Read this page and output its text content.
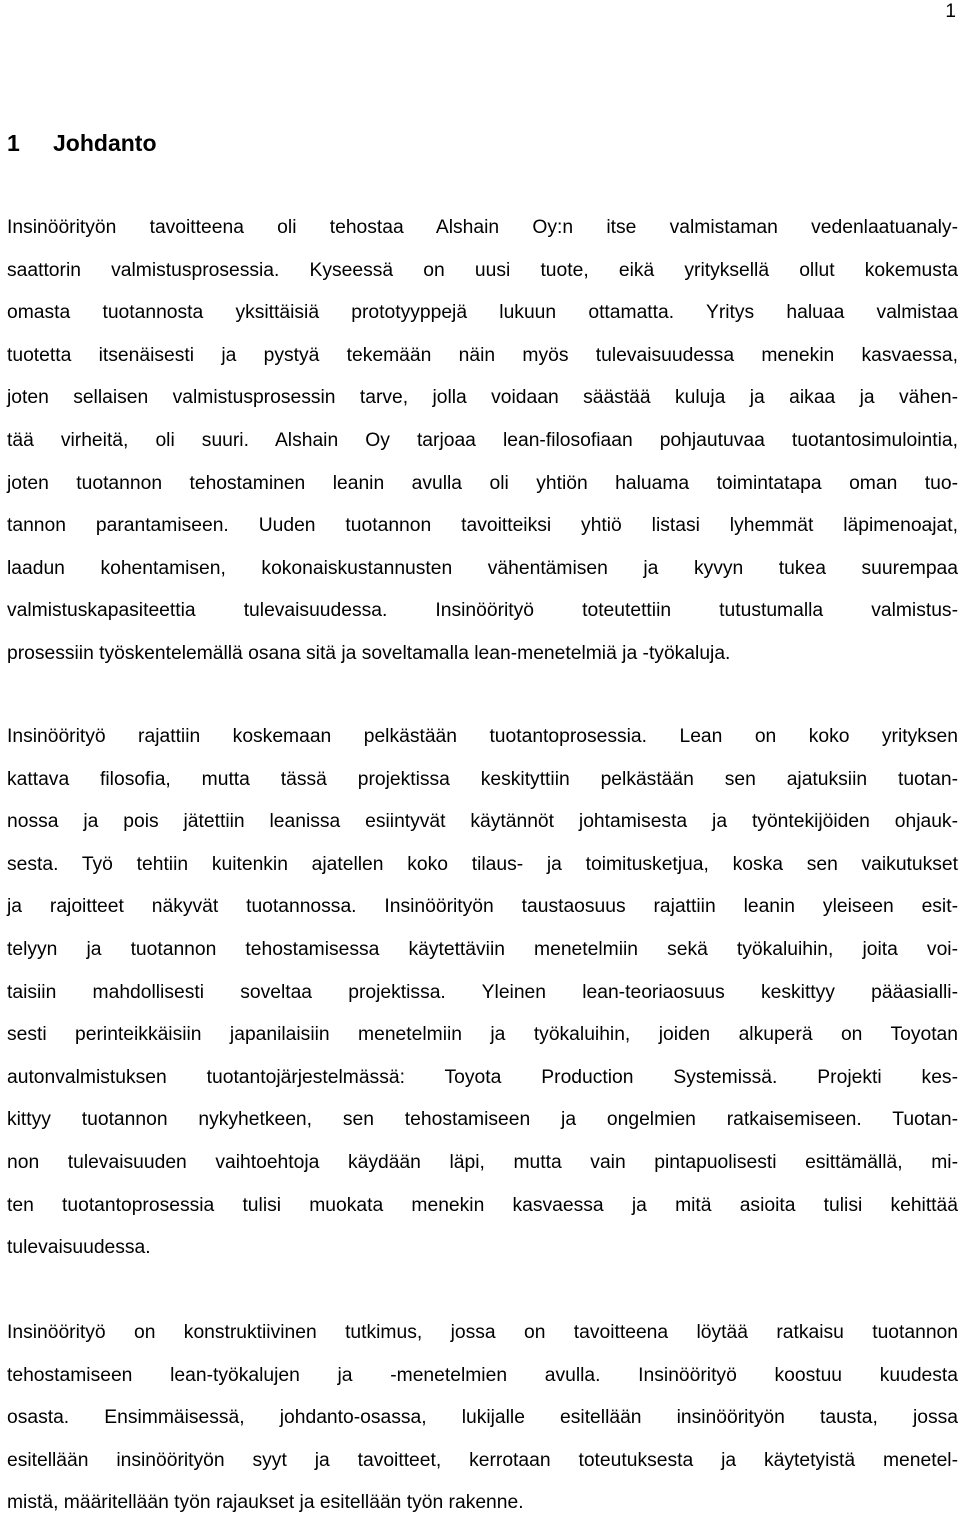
1
1 Johdanto
Insinöörityön tavoitteena oli tehostaa Alshain Oy:n itse valmistaman vedenlaatuanaly-
saattorin valmistusprosessia. Kyseessä on uusi tuote, eikä yrityksellä ollut kokemusta
omasta tuotannosta yksittäisiä prototyyppejä lukuun ottamatta. Yritys haluaa valmistaa
tuotetta itsenäisesti ja pystyä tekemään näin myös tulevaisuudessa menekin kasvaessa,
joten sellaisen valmistusprosessin tarve, jolla voidaan säästää kuluja ja aikaa ja vähen-
tää virheitä, oli suuri. Alshain Oy tarjoaa lean-filosofiaan pohjautuvaa tuotantosimulointia,
joten tuotannon tehostaminen leanin avulla oli yhtiön haluama toimintatapa oman tuo-
tannon parantamiseen. Uuden tuotannon tavoitteiksi yhtiö listasi lyhemmät läpimenoajat,
laadun kohentamisen, kokonaiskustannusten vähentämisen ja kyvyn tukea suurempaa
valmistuskapasiteettia tulevaisuudessa. Insinöörityö toteutettiin tutustumalla valmistus-
prosessiin työskentelemällä osana sitä ja soveltamalla lean-menetelmiä ja -työkaluja.
Insinöörityö rajattiin koskemaan pelkästään tuotantoprosessia. Lean on koko yrityksen
kattava filosofia, mutta tässä projektissa keskityttiin pelkästään sen ajatuksiin tuotan-
nossa ja pois jätettiin leanissa esiintyvät käytännöt johtamisesta ja työntekijöiden ohjauk-
sesta. Työ tehtiin kuitenkin ajatellen koko tilaus- ja toimitusketjua, koska sen vaikutukset
ja rajoitteet näkyvät tuotannossa. Insinöörityön taustaosuus rajattiin leanin yleiseen esit-
telyyn ja tuotannon tehostamisessa käytettäviin menetelmiin sekä työkaluihin, joita voi-
taisiin mahdollisesti soveltaa projektissa. Yleinen lean-teoriaosuus keskittyy pääasialli-
sesti perinteikkäisiin japanilaisiin menetelmiin ja työkaluihin, joiden alkuperä on Toyotan
autonvalmistuksen tuotantojärjestelmässä: Toyota Production Systemissä. Projekti kes-
kittyy tuotannon nykyhetkeen, sen tehostamiseen ja ongelmien ratkaisemiseen. Tuotan-
non tulevaisuuden vaihtoehtoja käydään läpi, mutta vain pintapuolisesti esittämällä, mi-
ten tuotantoprosessia tulisi muokata menekin kasvaessa ja mitä asioita tulisi kehittää
tulevaisuudessa.
Insinöörityö on konstruktiivinen tutkimus, jossa on tavoitteena löytää ratkaisu tuotannon
tehostamiseen lean-työkalujen ja -menetelmien avulla. Insinöörityö koostuu kuudesta
osasta. Ensimmäisessä, johdanto-osassa, lukijalle esitellään insinöörityön tausta, jossa
esitellään insinöörityön syyt ja tavoitteet, kerrotaan toteutuksesta ja käytetyistä menetel-
mistä, määritellään työn rajaukset ja esitellään työn rakenne.
